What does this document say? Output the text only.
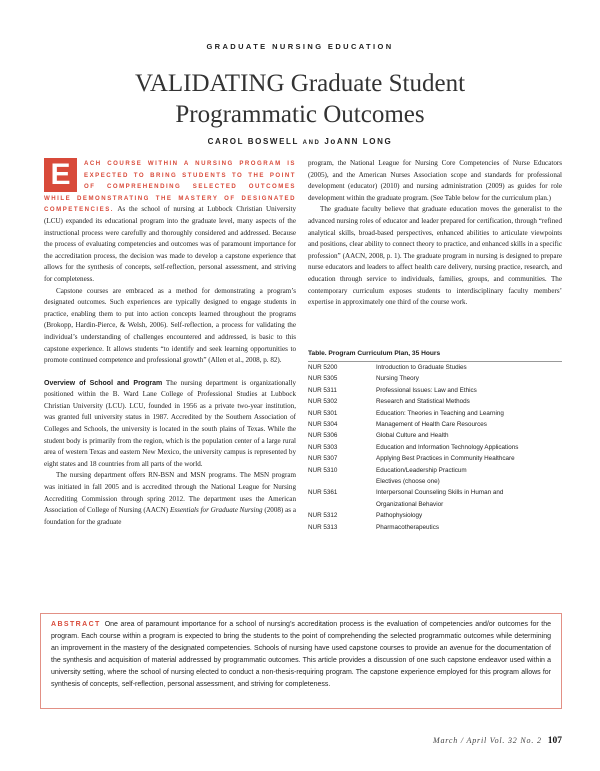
GRADUATE NURSING EDUCATION
VALIDATING Graduate Student
Programmatic Outcomes
CAROL BOSWELL AND JoANN LONG

E	ACH COURSE WITHIN A NURSING PROGRAM IS EXPECTED TO BRING STUDENTS TO THE POINT OF COMPREHENDING SELECTED OUTCOMES WHILE DEMONSTRATING THE MASTERY OF DESIGNATED COMPETENCIES. As the school of nursing at Lubbock Christian University (LCU) expanded its educational program into the graduate level, many aspects of the instructional process were carefully and thoroughly considered and addressed. Because the process of evaluating competencies and outcomes was of paramount importance for the accreditation process, the decision was made to develop a capstone experience that allows for the synthesis of concepts, self-reflection, personal assessment, and striving for completeness.

Capstone courses are embraced as a method for demonstrating a program’s designated outcomes. Such experiences are typically designed to engage students in practice, enabling them to put into action concepts learned throughout the programs (Brokopp, Hardin-Pierce, & Welsh, 2006). Self-reflection, a process for validating the individual’s understanding of challenges encountered and addressed, is basic to this capstone experience. It allows students “to identify and seek learning opportunities to promote continued competence and professional growth” (Allen et al., 2008, p. 82).

Overview of School and Program The nursing department is organizationally positioned within the B. Ward Lane College of Professional Studies at Lubbock Christian University (LCU). LCU, founded in 1956 as a private two-year institution, was granted full university status in 1987. Accredited by the Southern Association of Colleges and Schools, the university is located in the south plains of Texas. While the student body is primarily from the region, which is the population center of a large rural area of western Texas and eastern New Mexico, the university campus is represented by eight states and 18 countries from all parts of the world.

The nursing department offers RN-BSN and MSN programs. The MSN program was initiated in fall 2005 and is accredited through the National League for Nursing Accrediting Commission through spring 2012. The department uses the American Association of College of Nursing (AACN) Essentials for Graduate Nursing (2008) as a foundation for the graduate

program, the National League for Nursing Core Competencies of Nurse Educators (2005), and the American Nurses Association scope and standards for professional development (educator) (2010) and nursing administration (2009) as guides for role development within the graduate program. (See Table below for the curriculum plan.)

The graduate faculty believe that graduate education moves the generalist to the advanced nursing roles of educator and leader prepared for certification, through “refined analytical skills, broad-based perspectives, enhanced abilities to articulate viewpoints and positions, clear ability to connect theory to practice, and enhanced skills in a specific profession” (AACN, 2008, p. 1). The graduate program in nursing is designed to prepare nurse educators and leaders to affect health care delivery, nursing practice, research, and education through service to individuals, families, groups, and communities. The contemporary curriculum exposes students to interdisciplinary faculty members’ expertise in approximately one third of the course work.

Table. Program Curriculum Plan, 35 Hours
NUR 5200	Introduction to Graduate Studies
NUR 5305	Nursing Theory
NUR 5311	Professional Issues: Law and Ethics
NUR 5302	Research and Statistical Methods
NUR 5301	Education: Theories in Teaching and Learning
NUR 5304	Management of Health Care Resources
NUR 5306	Global Culture and Health
NUR 5303	Education and Information Technology Applications
NUR 5307	Applying Best Practices in Community Healthcare
NUR 5310	Education/Leadership Practicum
Electives (choose one)
NUR 5361	Interpersonal Counseling Skills in Human and
Organizational Behavior
NUR 5312	Pathophysiology
NUR 5313	Pharmacotherapeutics
ABSTRACT One area of paramount importance for a school of nursing’s accreditation process is the evaluation of competencies and/or outcomes for the program. Each course within a program is expected to bring the students to the point of comprehending the selected programmatic outcomes while determining an improvement in the mastery of the designated competencies. Schools of nursing have used capstone courses to provide an avenue for the documentation of the synthesis and acquisition of material addressed by programmatic outcomes. This article provides a discussion of one such capstone endeavor used within a university setting, where the school of nursing elected to conduct a non-thesis-requiring program. The capstone experience employed for this program allows for synthesis of concepts, self-reflection, personal assessment, and striving for completeness.
March / April Vol. 32 No. 2 107
